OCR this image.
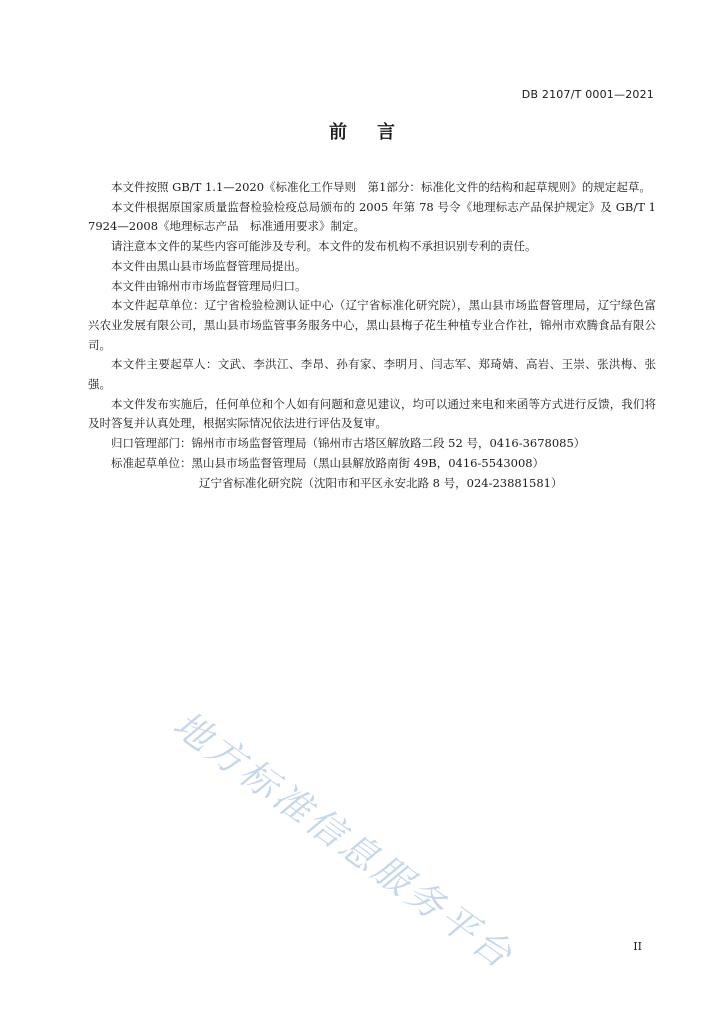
DB 2107/T 0001—2021
前言

本文件按照 GB/T 1.1—2020《标准化工作导则　第1部分：标准化文件的结构和起草规则》的规定起草。

本文件根据原国家质量监督检验检疫总局颁布的 2005 年第 78 号令《地理标志产品保护规定》及 GB/T 17924—2008《地理标志产品　标准通用要求》制定。

请注意本文件的某些内容可能涉及专利。本文件的发布机构不承担识别专利的责任。

本文件由黑山县市场监督管理局提出。

本文件由锦州市市场监督管理局归口。

本文件起草单位：辽宁省检验检测认证中心（辽宁省标准化研究院），黑山县市场监督管理局，辽宁绿色富兴农业发展有限公司，黑山县市场监管事务服务中心，黑山县梅子花生种植专业合作社，锦州市欢腾食品有限公司。

本文件主要起草人：文武、李洪江、李昂、孙有家、李明月、闫志军、郑琦婧、高岩、王崇、张洪梅、张强。

本文件发布实施后，任何单位和个人如有问题和意见建议，均可以通过来电和来函等方式进行反馈，我们将及时答复并认真处理，根据实际情况依法进行评估及复审。

归口管理部门：锦州市市场监督管理局（锦州市古塔区解放路二段 52 号，0416-3678085）

标准起草单位：黑山县市场监督管理局（黑山县解放路南街 49B，0416-5543008）

辽宁省标准化研究院（沈阳市和平区永安北路 8 号，024-23881581）

地方标准信息服务平台	II
